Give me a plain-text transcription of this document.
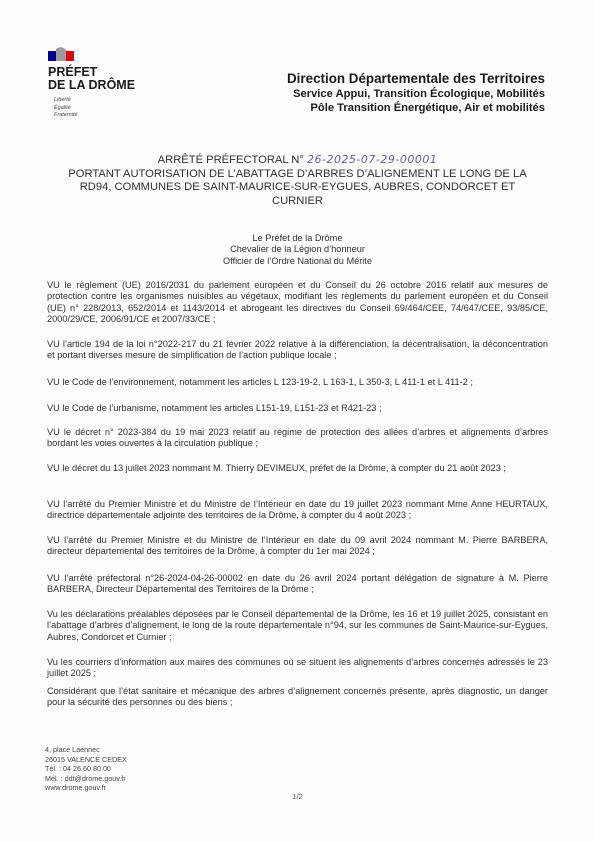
PRÉFET
DE LA DRÔME
Liberté
Égalité
Fraternité
Direction Départementale des Territoires
Service Appui, Transition Écologique, Mobilités
Pôle Transition Énergétique, Air et mobilités
ARRÊTÉ PRÉFECTORAL N° 26-2025-07-29-00001
PORTANT AUTORISATION DE L’ABATTAGE D’ARBRES D’ALIGNEMENT LE LONG DE LA
RD94, COMMUNES DE SAINT-MAURICE-SUR-EYGUES, AUBRES, CONDORCET ET
CURNIER
Le Préfet de la Drôme
Chevalier de la Légion d’honneur
Officier de l’Ordre National du Mérite
VU le règlement (UE) 2016/2031 du parlement européen et du Conseil du 26 octobre 2016 relatif aux mesures de protection contre les organismes nuisibles au végétaux, modifiant les règlements du parlement européen et du Conseil (UE) n° 228/2013, 652/2014 et 1143/2014 et abrogeant les directives du Conseil 69/464/CEE, 74/647/CEE, 93/85/CE, 2000/29/CE, 2006/91/CE et 2007/33/CE ;
VU l’article 194 de la loi n°2022-217 du 21 février 2022 relative à la différenciation, la décentralisation, la déconcentration et portant diverses mesure de simplification de l’action publique locale ;
VU le Code de l’environnement, notamment les articles L 123-19-2, L 163-1, L 350-3, L 411-1 et L 411-2 ;
VU le Code de l’urbanisme, notamment les articles L151-19, L151-23 et R421-23 ;
VU le décret n° 2023-384 du 19 mai 2023 relatif au régime de protection des allées d’arbres et alignements d’arbres bordant les voies ouvertes à la circulation publique ;
VU le décret du 13 juillet 2023 nommant M. Thierry DEVIMEUX, préfet de la Drôme, à compter du 21 août 2023 ;
VU l’arrêté du Premier Ministre et du Ministre de l’Intérieur en date du 19 juillet 2023 nommant Mme Anne HEURTAUX, directrice départementale adjointe des territoires de la Drôme, à compter du 4 août 2023 ;
VU l’arrêté du Premier Ministre et du Ministre de l’Intérieur en date du 09 avril 2024 nommant M. Pierre BARBERA, directeur départemental des territoires de la Drôme, à compter du 1er mai 2024 ;
VU l’arrêté préfectoral n°26-2024-04-26-00002 en date du 26 avril 2024 portant délégation de signature à M. Pierre BARBERA, Directeur Départemental des Territoires de la Drôme ;
Vu les déclarations préalables déposées par le Conseil départemental de la Drôme, les 16 et 19 juillet 2025, consistant en l’abattage d’arbres d’alignement, le long de la route départementale n°94, sur les communes de Saint-Maurice-sur-Eygues, Aubres, Condorcet et Curnier ;
Vu les courriers d’information aux maires des communes où se situent les alignements d’arbres concernés adressés le 23 juillet 2025 ;
Considérant que l’état sanitaire et mécanique des arbres d’alignement concernés présente, après diagnostic, un danger pour la sécurité des personnes ou des biens ;
4, place Laennec
26015 VALENCE CEDEX
Tél. : 04 26 60 80 00
Mél. : ddt@drome.gouv.fr
www.drome.gouv.fr
1/2
